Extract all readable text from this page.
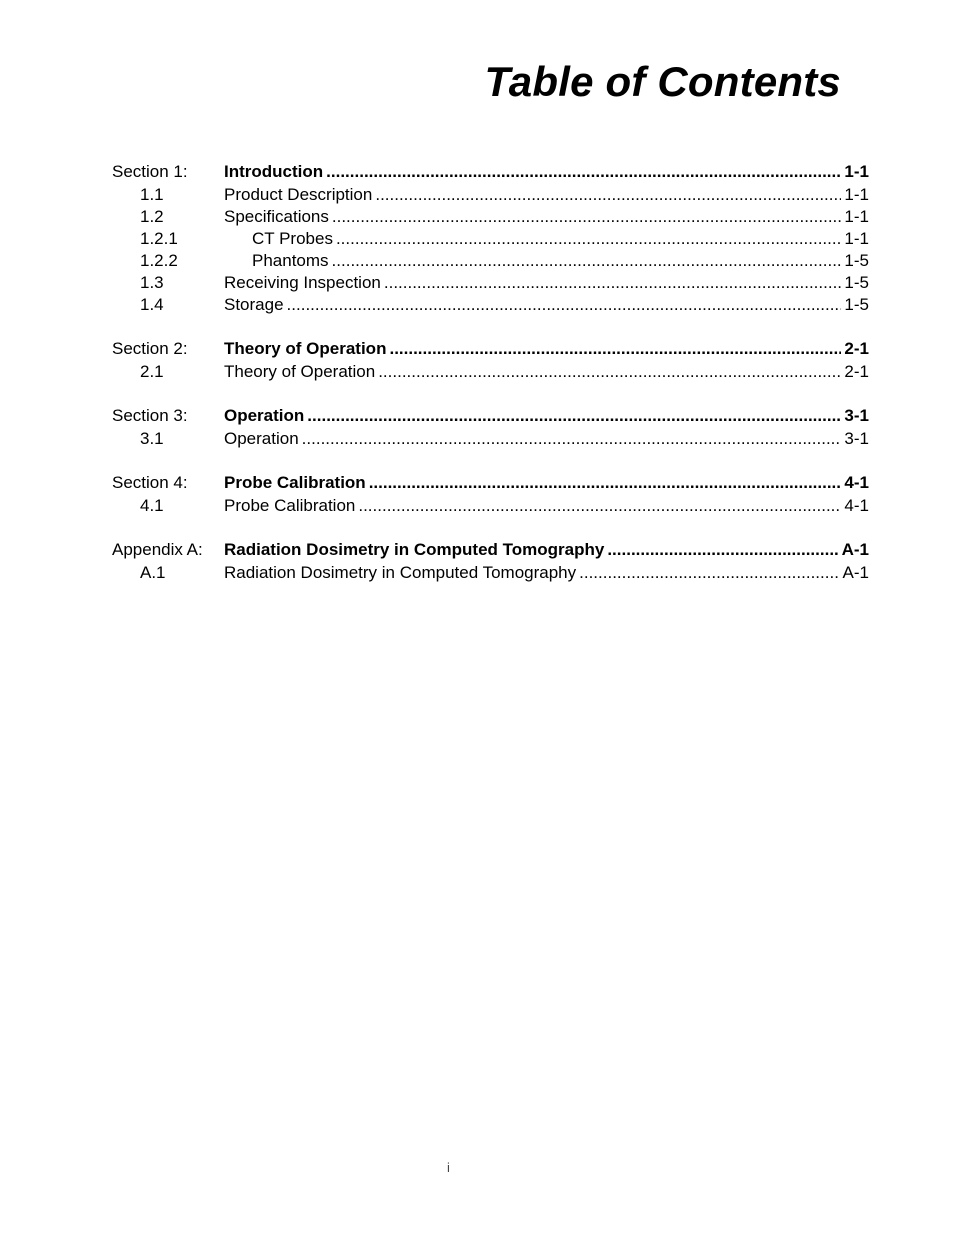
Table of Contents
Section 1:	Introduction .....	1-1
1.1	Product Description .....	1-1
1.2	Specifications .....	1-1
1.2.1	CT Probes .....	1-1
1.2.2	Phantoms .....	1-5
1.3	Receiving Inspection .....	1-5
1.4	Storage .....	1-5
Section 2:	Theory of Operation .....	2-1
2.1	Theory of Operation .....	2-1
Section 3:	Operation .....	3-1
3.1	Operation .....	3-1
Section 4:	Probe Calibration .....	4-1
4.1	Probe Calibration .....	4-1
Appendix A:	Radiation Dosimetry in Computed Tomography .....	A-1
A.1	Radiation Dosimetry in Computed Tomography .....	A-1
i
